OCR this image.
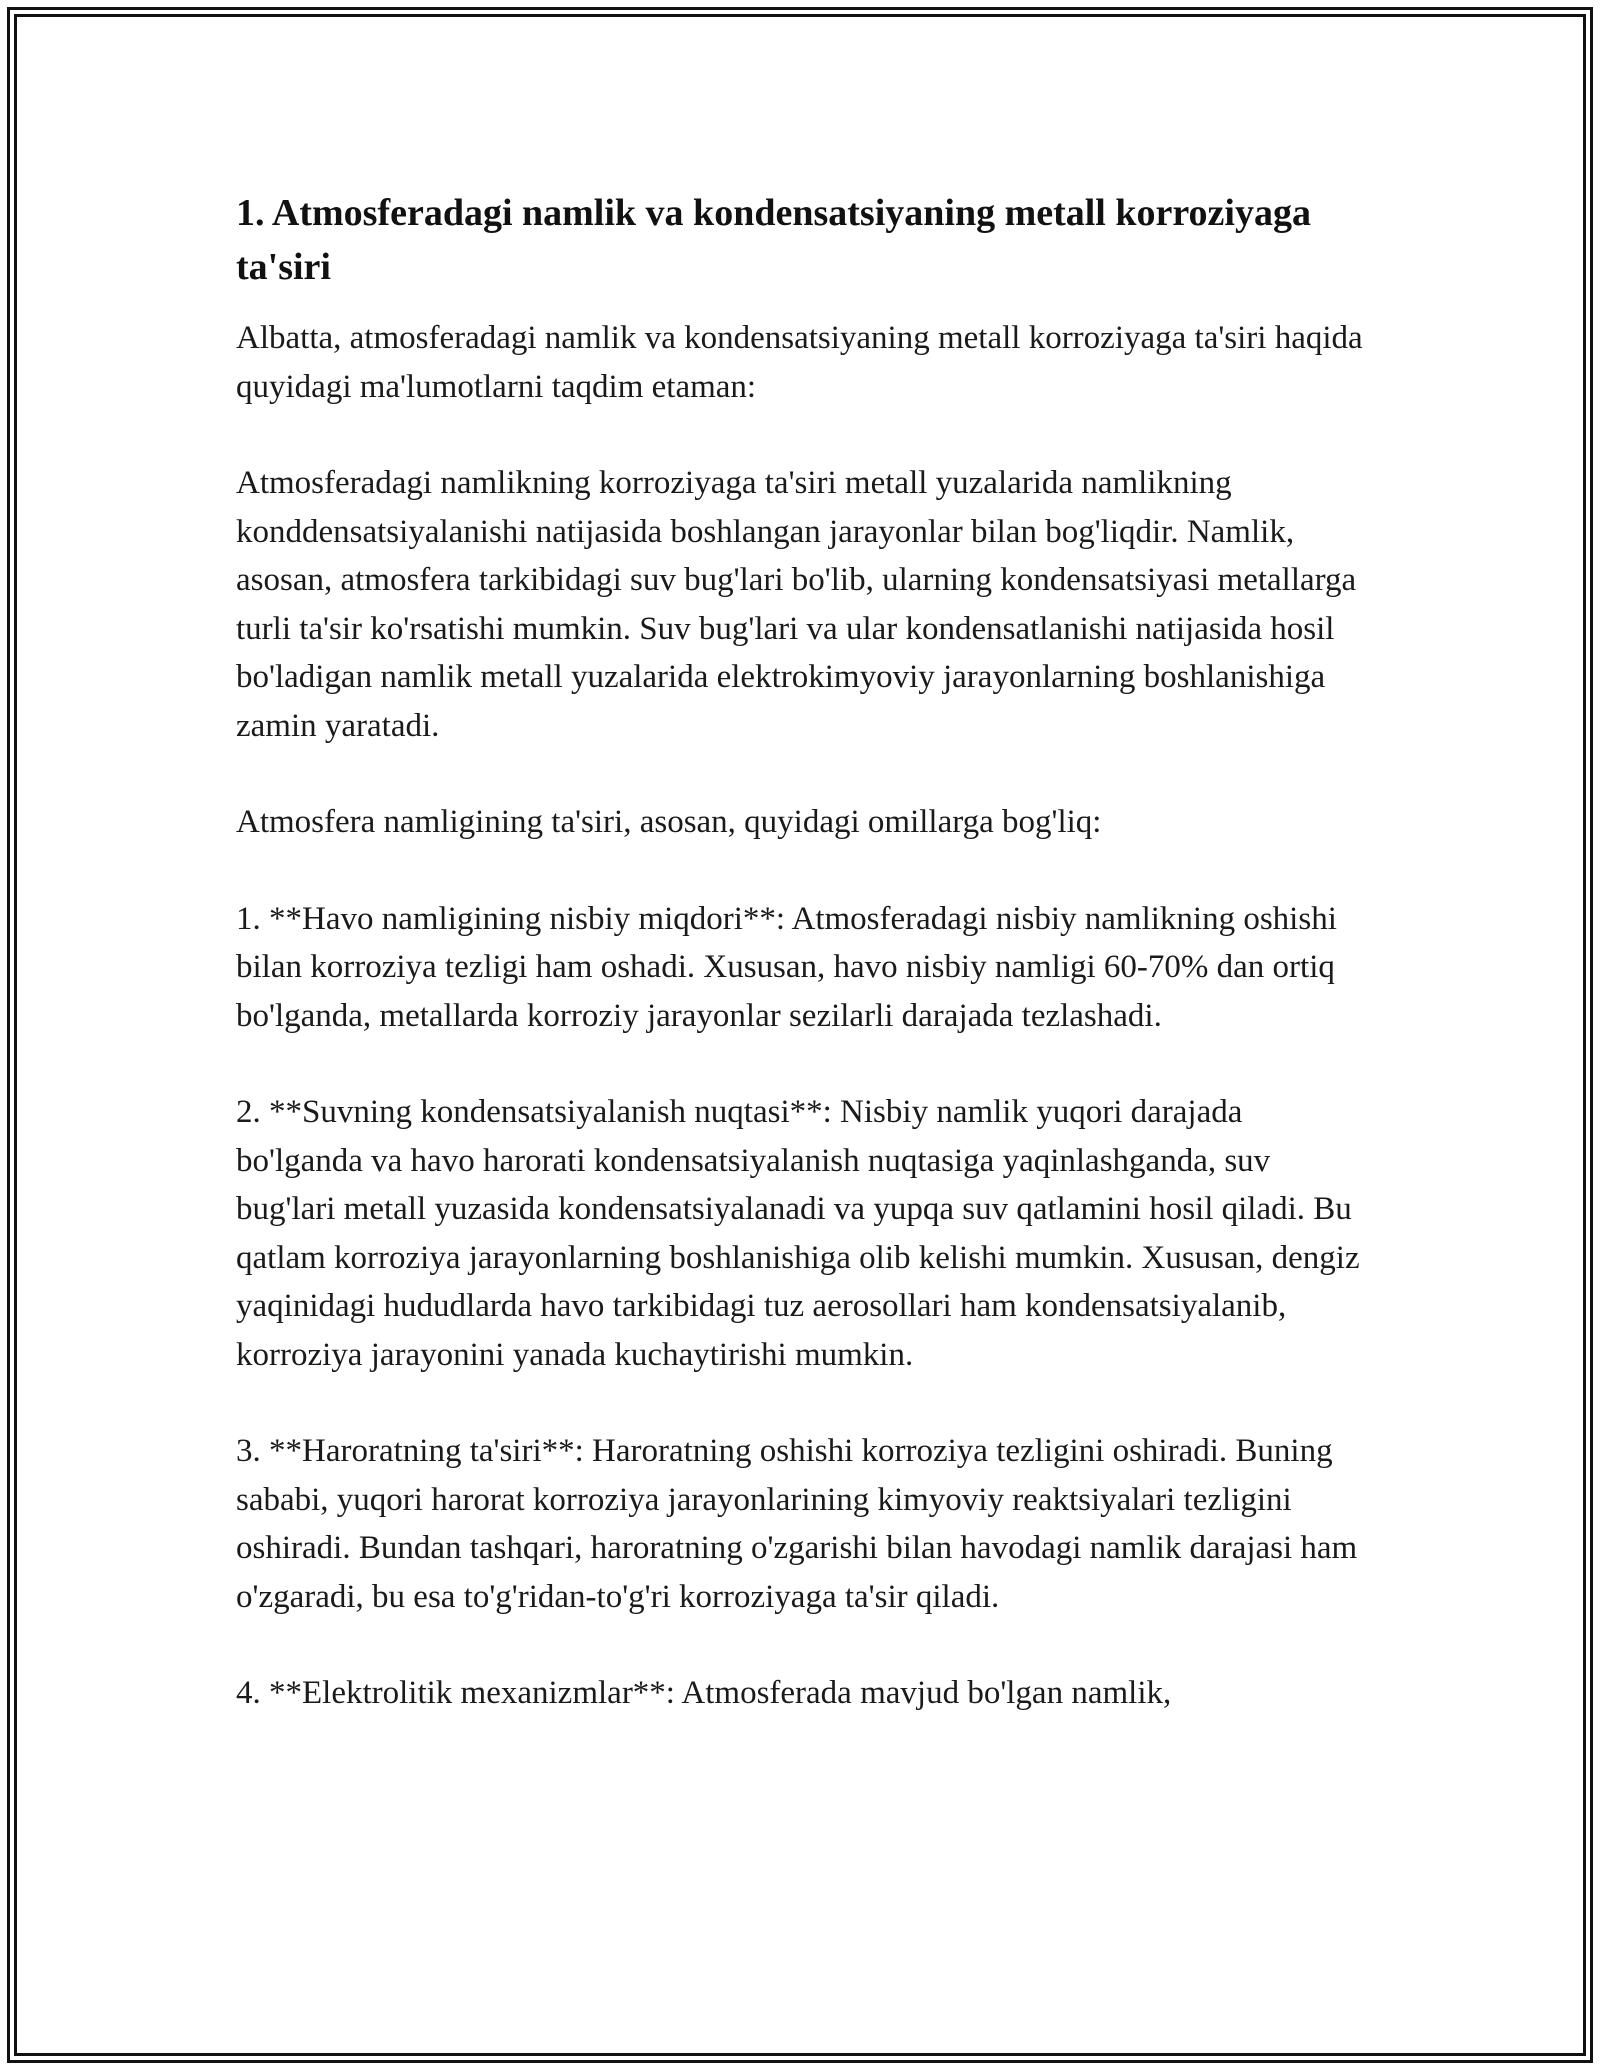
1. Atmosferadagi namlik va kondensatsiyaning metall korroziyaga ta'siri

Albatta, atmosferadagi namlik va kondensatsiyaning metall korroziyaga ta'siri haqida quyidagi ma'lumotlarni taqdim etaman:

Atmosferadagi namlikning korroziyaga ta'siri metall yuzalarida namlikning konddensatsiyalanishi natijasida boshlangan jarayonlar bilan bog'liqdir. Namlik, asosan, atmosfera tarkibidagi suv bug'lari bo'lib, ularning kondensatsiyasi metallarga turli ta'sir ko'rsatishi mumkin. Suv bug'lari va ular kondensatlanishi natijasida hosil bo'ladigan namlik metall yuzalarida elektrokimyoviy jarayonlarning boshlanishiga zamin yaratadi.

Atmosfera namligining ta'siri, asosan, quyidagi omillarga bog'liq:

1. **Havo namligining nisbiy miqdori**: Atmosferadagi nisbiy namlikning oshishi bilan korroziya tezligi ham oshadi. Xususan, havo nisbiy namligi 60-70% dan ortiq bo'lganda, metallarda korroziy jarayonlar sezilarli darajada tezlashadi.

2. **Suvning kondensatsiyalanish nuqtasi**: Nisbiy namlik yuqori darajada bo'lganda va havo harorati kondensatsiyalanish nuqtasiga yaqinlashganda, suv bug'lari metall yuzasida kondensatsiyalanadi va yupqa suv qatlamini hosil qiladi. Bu qatlam korroziya jarayonlarning boshlanishiga olib kelishi mumkin. Xususan, dengiz yaqinidagi hududlarda havo tarkibidagi tuz aerosollari ham kondensatsiyalanib, korroziya jarayonini yanada kuchaytirishi mumkin.

3. **Haroratning ta'siri**: Haroratning oshishi korroziya tezligini oshiradi. Buning sababi, yuqori harorat korroziya jarayonlarining kimyoviy reaktsiyalari tezligini oshiradi. Bundan tashqari, haroratning o'zgarishi bilan havodagi namlik darajasi ham o'zgaradi, bu esa to'g'ridan-to'g'ri korroziyaga ta'sir qiladi.

4. **Elektrolitik mexanizmlar**: Atmosferada mavjud bo'lgan namlik,
